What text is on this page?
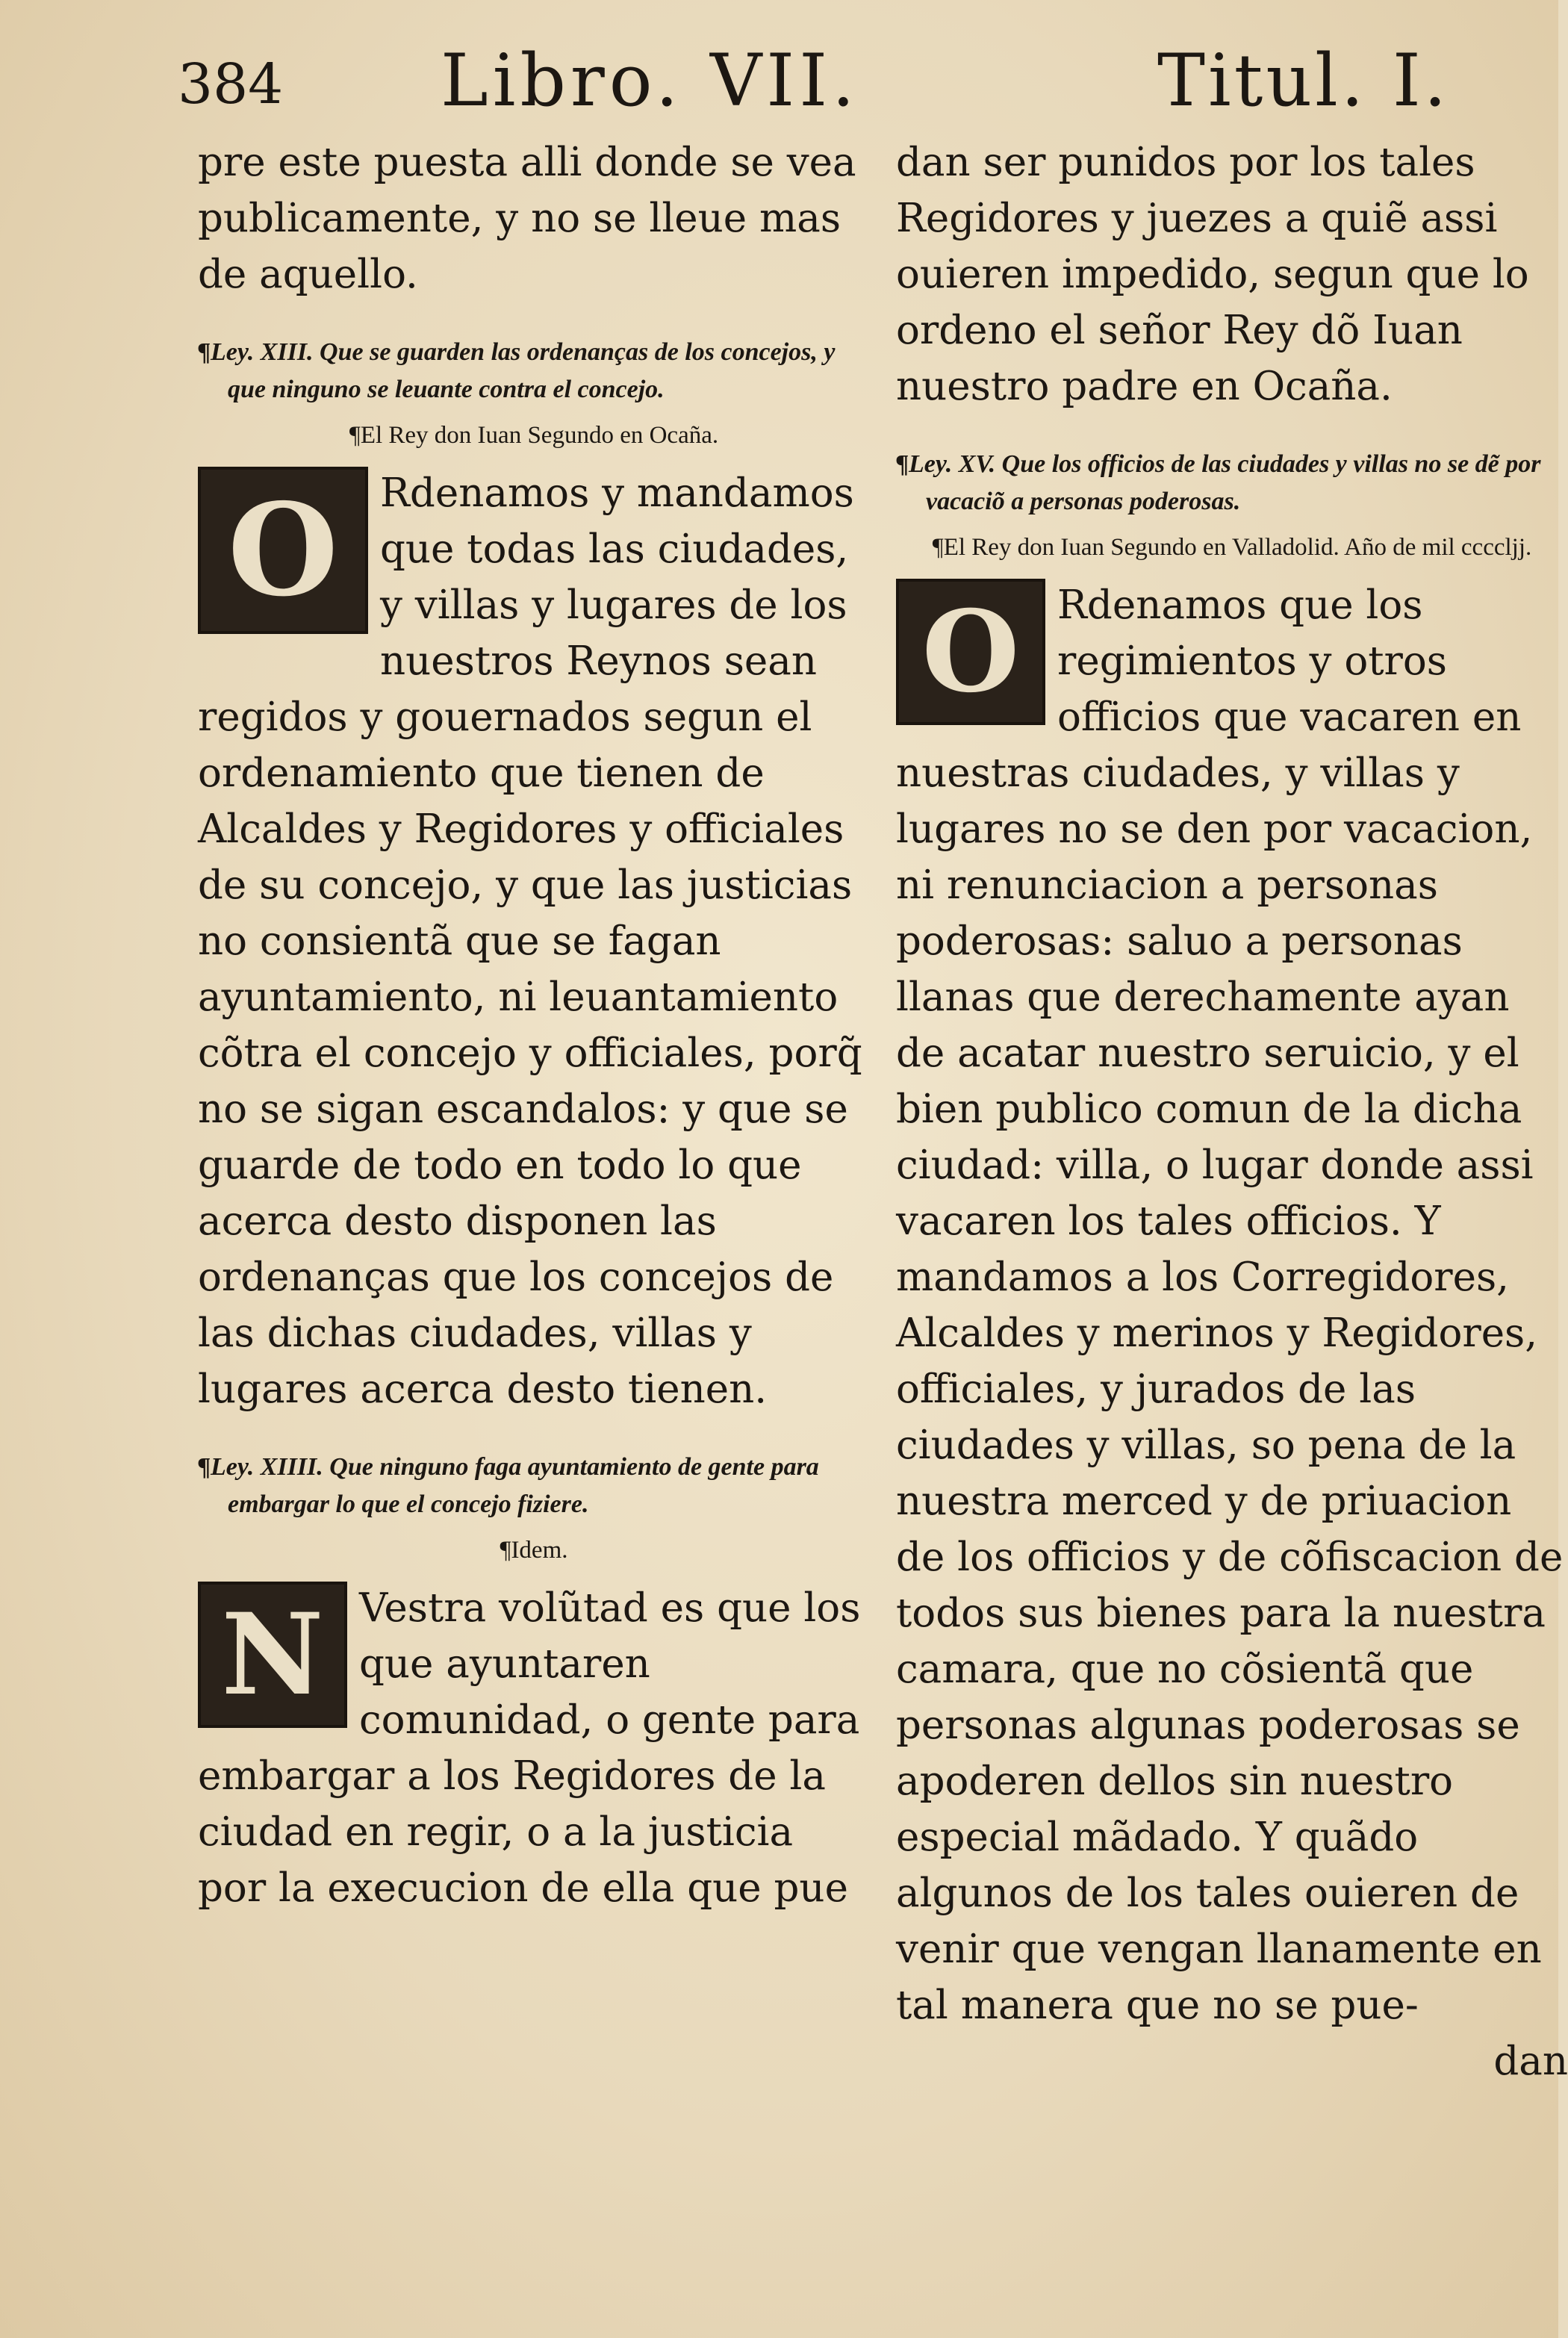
384 Libro. VII.	Titul. I.

pre este puesta alli donde se vea publicamente, y no se lleue mas de aquello.

¶Ley. XIII. Que se guarden las ordenanças de los concejos, y que ninguno se leuante contra el concejo.

¶El Rey don Iuan Segundo en Ocaña.

O	Rdenamos y mandamos que todas las ciudades, y villas y lugares de los nuestros Reynos sean regidos y gouernados segun el ordenamiento que tienen de Alcaldes y Regidores y officiales de su concejo, y que las justicias no consientã que se fagan ayuntamiento, ni leuantamiento cõtra el concejo y officiales, porq̃ no se sigan escandalos: y que se guarde de todo en todo lo que acerca desto disponen las ordenanças que los concejos de las dichas ciudades, villas y lugares acerca desto tienen.

¶Ley. XIIII. Que ninguno faga ayuntamiento de gente para embargar lo que el concejo fiziere.

¶Idem.

N Vestra volũtad es que los que ayuntaren comunidad, o gente para embargar a los Regidores de la ciudad en regir, o a la justicia por la execucion de ella que pue

dan ser punidos por los tales Regidores y juezes a quiẽ assi ouieren impedido, segun que lo ordeno el señor Rey dõ Iuan nuestro padre en Ocaña.

¶Ley. XV. Que los officios de las ciudades y villas no se dẽ por vacaciõ a personas poderosas.

¶El Rey don Iuan Segundo en Valladolid. Año de mil ccccljj.

O Rdenamos que los regimientos y otros officios que vacaren en nuestras ciudades, y villas y lugares no se den por vacacion, ni renunciacion a personas poderosas: saluo a personas llanas que derechamente ayan de acatar nuestro seruicio, y el bien publico comun de la dicha ciudad: villa, o lugar donde assi vacaren los tales officios. Y mandamos a los Corregidores, Alcaldes y merinos y Regidores, officiales, y jurados de las ciudades y villas, so pena de la nuestra merced y de priuacion de los officios y de cõfiscacion de todos sus bienes para la nuestra camara, que no cõsientã que personas algunas poderosas se apoderen dellos sin nuestro especial mãdado. Y quãdo algunos de los tales ouieren de venir que vengan llanamente en tal manera que no se pue-

dan
